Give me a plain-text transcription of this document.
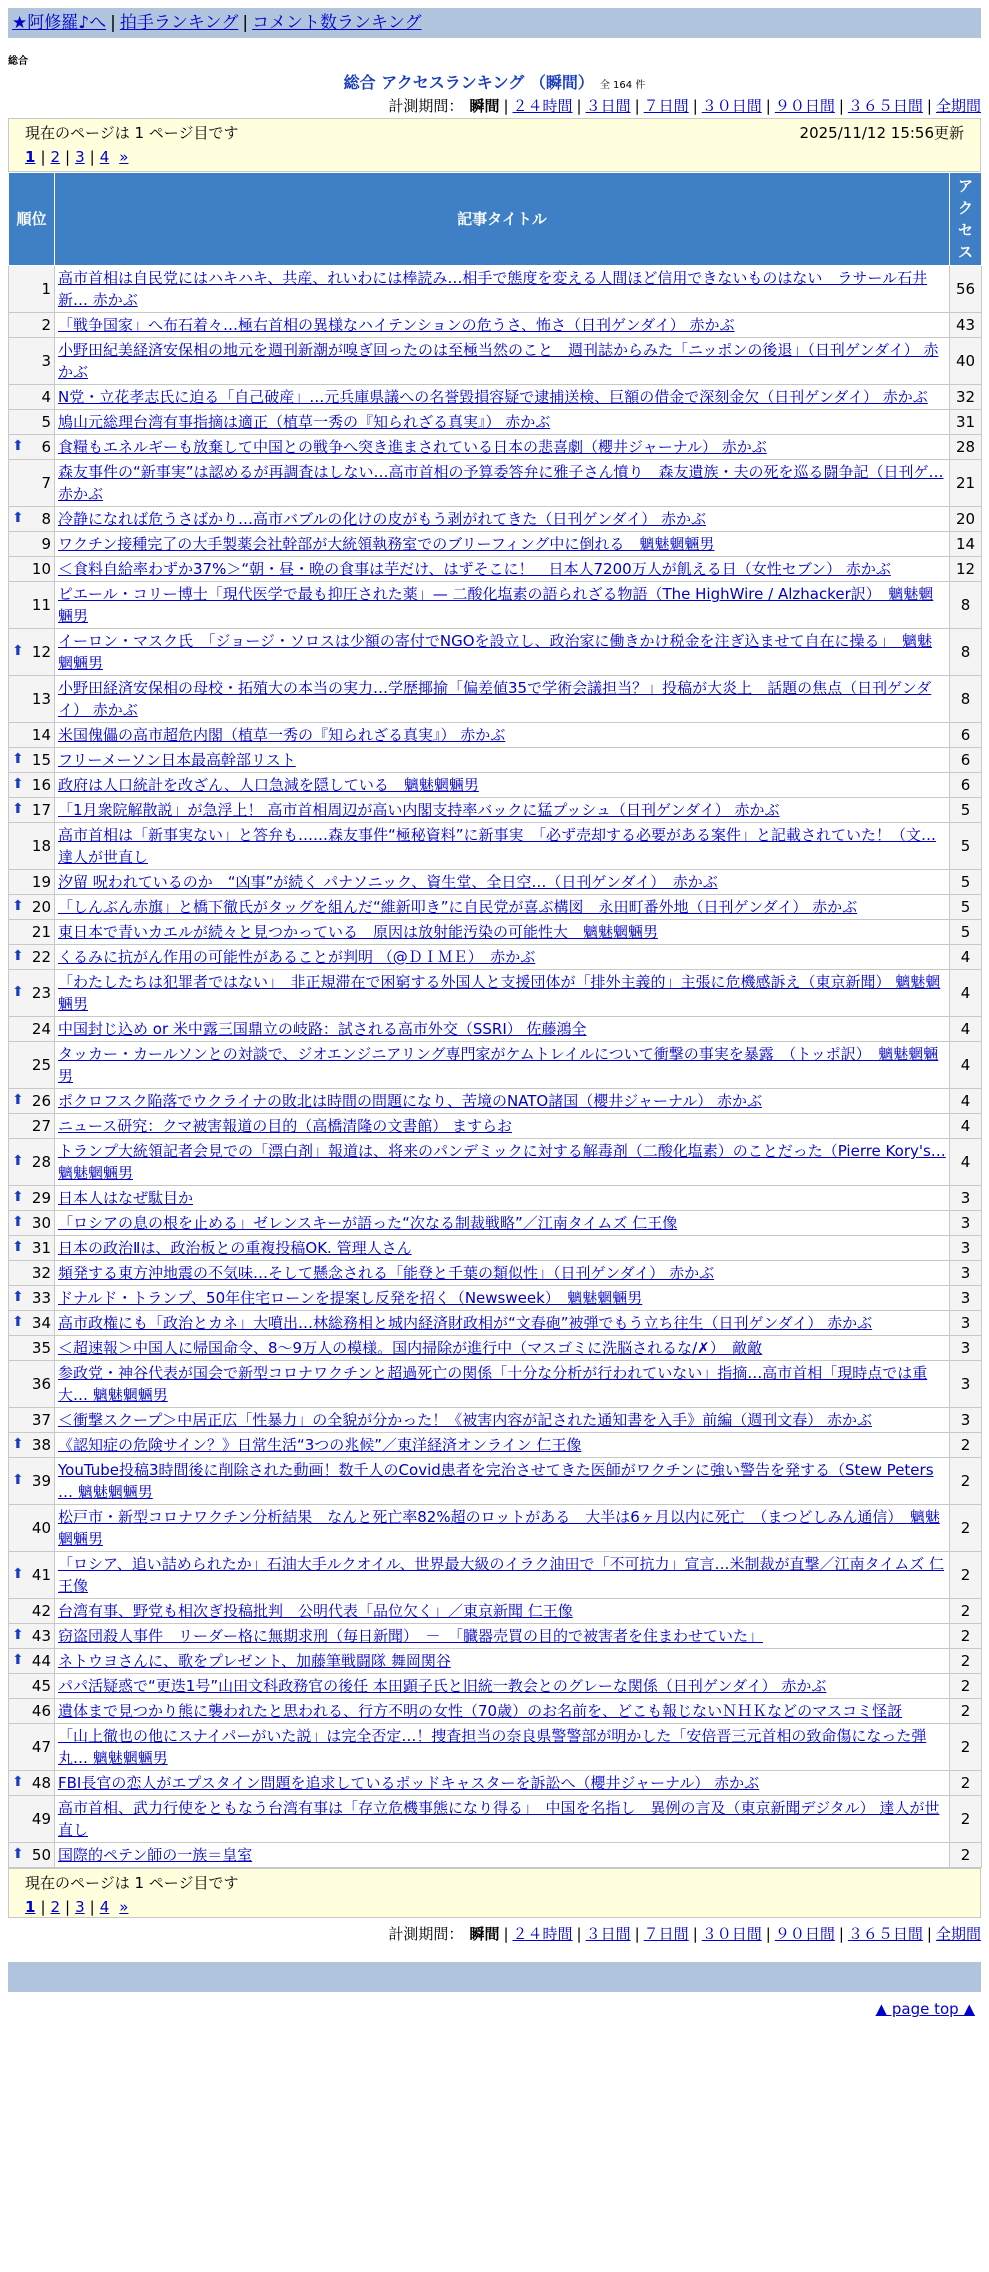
★阿修羅♪へ | 拍手ランキング | コメント数ランキング
総合
総合 アクセスランキング （瞬間） 全 164 件
計測期間： 瞬間 | ２４時間 | ３日間 | ７日間 | ３０日間 | ９０日間 | ３６５日間 | 全期間
現在のページは 1 ページ目です	2025/11/12 15:56更新
1 | 2 | 3 | 4 »
順位	記事タイトル	アクセス
1	高市首相は自民党にはハキハキ、共産、れいわには棒読み…相手で態度を変える人間ほど信用できないものはない　ラサール石井 新… 赤かぶ	56
2	「戦争国家」へ布石着々…極右首相の異様なハイテンションの危うさ、怖さ（日刊ゲンダイ） 赤かぶ	43
3	小野田紀美経済安保相の地元を週刊新潮が嗅ぎ回ったのは至極当然のこと　週刊誌からみた「ニッポンの後退」（日刊ゲンダイ） 赤かぶ	40
4	N党・立花孝志氏に迫る「自己破産」…元兵庫県議への名誉毀損容疑で逮捕送検、巨額の借金で深刻金欠（日刊ゲンダイ） 赤かぶ	32
5	鳩山元総理台湾有事指摘は適正（植草一秀の『知られざる真実』） 赤かぶ	31

⬆ 6	食糧もエネルギーも放棄して中国との戦争へ突き進まされている日本の悲喜劇（櫻井ジャーナル） 赤かぶ	28
7	森友事件の“新事実”は認めるが再調査はしない…高市首相の予算委答弁に雅子さん憤り　森友遺族・夫の死を巡る闘争記（日刊ゲ… 赤かぶ	21

⬆ 8	冷静になれば危うさばかり…高市バブルの化けの皮がもう剥がれてきた（日刊ゲンダイ） 赤かぶ	20
9	ワクチン接種完了の大手製薬会社幹部が大統領執務室でのブリーフィング中に倒れる　魑魅魍魎男	14
10	＜食料自給率わずか37%＞“朝・昼・晩の食事は芋だけ、はずそこに！　日本人7200万人が飢える日（女性セブン） 赤かぶ	12
11	ピエール・コリー博士「現代医学で最も抑圧された薬」— 二酸化塩素の語られざる物語（The HighWire / Alzhacker訳）　魑魅魍魎男	8

⬆ 12	イーロン・マスク氏　「ジョージ・ソロスは少額の寄付でNGOを設立し、政治家に働きかけ税金を注ぎ込ませて自在に操る」　魑魅魍魎男	8
13	小野田経済安保相の母校・拓殖大の本当の実力…学歴揶揄「偏差値35で学術会議担当？」投稿が大炎上　話題の焦点（日刊ゲンダイ） 赤かぶ	8
14	米国傀儡の高市超危内閣（植草一秀の『知られざる真実』） 赤かぶ	6

⬆ 15	フリーメーソン日本最高幹部リスト	6

⬆ 16	政府は人口統計を改ざん、人口急減を隠している　魑魅魍魎男	6

⬆ 17	「1月衆院解散説」が急浮上！ 高市首相周辺が高い内閣支持率バックに猛プッシュ（日刊ゲンダイ） 赤かぶ	5
18	高市首相は「新事実ない」と答弁も……森友事件“極秘資料”に新事実　「必ず売却する必要がある案件」と記載されていた！（文… 達人が世直し	5
19	汐留 呪われているのか　“凶事”が続く パナソニック、資生堂、全日空…（日刊ゲンダイ）　赤かぶ	5

⬆ 20	「しんぶん赤旗」と橋下徹氏がタッグを組んだ“維新叩き”に自民党が喜ぶ構図　永田町番外地（日刊ゲンダイ） 赤かぶ	5
21	東日本で青いカエルが続々と見つかっている　原因は放射能汚染の可能性大　魑魅魍魎男	5

⬆ 22	くるみに抗がん作用の可能性があることが判明 （@ＤＩＭＥ）　赤かぶ	4

⬆ 23	「わたしたちは犯罪者ではない」　非正規滞在で困窮する外国人と支援団体が「排外主義的」主張に危機感訴え（東京新聞） 魑魅魍魎男	4
24	中国封じ込め or 米中露三国鼎立の岐路：試される高市外交（SSRI） 佐藤鴻全	4
25	タッカー・カールソンとの対談で、ジオエンジニアリング専門家がケムトレイルについて衝撃の事実を暴露　（トッポ訳）　魑魅魍魎男	4

⬆ 26	ポクロフスク陥落でウクライナの敗北は時間の問題になり、苦境のNATO諸国（櫻井ジャーナル） 赤かぶ	4
27	ニュース研究：クマ被害報道の目的（高橋清隆の文書館） ますらお	4

⬆ 28	トランプ大統領記者会見での「漂白剤」報道は、将来のパンデミックに対する解毒剤（二酸化塩素）のことだった（Pierre Kory's… 魑魅魍魎男	4

⬆ 29	日本人はなぜ駄目か	3

⬆ 30	「ロシアの息の根を止める」ゼレンスキーが語った“次なる制裁戦略”／江南タイムズ 仁王像	3

⬆ 31	日本の政治Ⅱは、政治板との重複投稿OK. 管理人さん	3
32	頻発する東方沖地震の不気味…そして懸念される「能登と千葉の類似性」（日刊ゲンダイ） 赤かぶ	3

⬆ 33	ドナルド・トランプ、50年住宅ローンを提案し反発を招く（Newsweek）　魑魅魍魎男	3

⬆ 34	高市政権にも「政治とカネ」大噴出…林総務相と城内経済財政相が“文春砲”被弾でもう立ち往生（日刊ゲンダイ） 赤かぶ	3
35	＜超速報＞中国人に帰国命令、8～9万人の模様。国内掃除が進行中（マスゴミに洗脳されるな/✗）　敵敵	3
36	参政党・神谷代表が国会で新型コロナワクチンと超過死亡の関係「十分な分析が行われていない」指摘…高市首相「現時点では重大… 魑魅魍魎男	3
37	＜衝撃スクープ＞中居正広「性暴力」の全貌が分かった！《被害内容が記された通知書を入手》前編（週刊文春） 赤かぶ	3

⬆ 38	《認知症の危険サイン？》日常生活“3つの兆候”／東洋経済オンライン 仁王像	2

⬆ 39	YouTube投稿3時間後に削除された動画！数千人のCovid患者を完治させてきた医師がワクチンに強い警告を発する（Stew Peters … 魑魅魍魎男	2
40	松戸市・新型コロナワクチン分析結果　なんと死亡率82%超のロットがある　大半は6ヶ月以内に死亡　（まつどしみん通信）　魑魅魍魎男	2

⬆ 41	「ロシア、追い詰められたか」石油大手ルクオイル、世界最大級のイラク油田で「不可抗力」宣言…米制裁が直撃／江南タイムズ 仁王像	2
42	台湾有事、野党も相次ぎ投稿批判　公明代表「品位欠く」／東京新聞 仁王像	2

⬆ 43	窃盗団殺人事件　リーダー格に無期求刑（毎日新聞）　－　「臓器売買の目的で被害者を住まわせていた」	2

⬆ 44	ネトウヨさんに、歌をプレゼント、加藤筆戦闘隊 舞岡関谷	2
45	パパ活疑惑で“更迭1号”山田文科政務官の後任 本田顕子氏と旧統一教会とのグレーな関係（日刊ゲンダイ） 赤かぶ	2
46	遺体まで見つかり熊に襲われたと思われる、行方不明の女性（70歳）のお名前を、どこも報じないＮＨＫなどのマスコミ怪訝	2
47	「山上徹也の他にスナイパーがいた説」は完全否定…！捜査担当の奈良県警警部が明かした「安倍晋三元首相の致命傷になった弾丸… 魑魅魍魎男	2

⬆ 48	FBI長官の恋人がエプスタイン問題を追求しているポッドキャスターを訴訟へ（櫻井ジャーナル） 赤かぶ	2
49	高市首相、武力行使をともなう台湾有事は「存立危機事態になり得る」　中国を名指し　異例の言及（東京新聞デジタル） 達人が世直し	2

⬆ 50	国際的ペテン師の一族＝皇室	2
現在のページは 1 ページ目です
1 | 2 | 3 | 4 »
計測期間： 瞬間 | ２４時間 | ３日間 | ７日間 | ３０日間 | ９０日間 | ３６５日間 | 全期間
▲ page top ▲
